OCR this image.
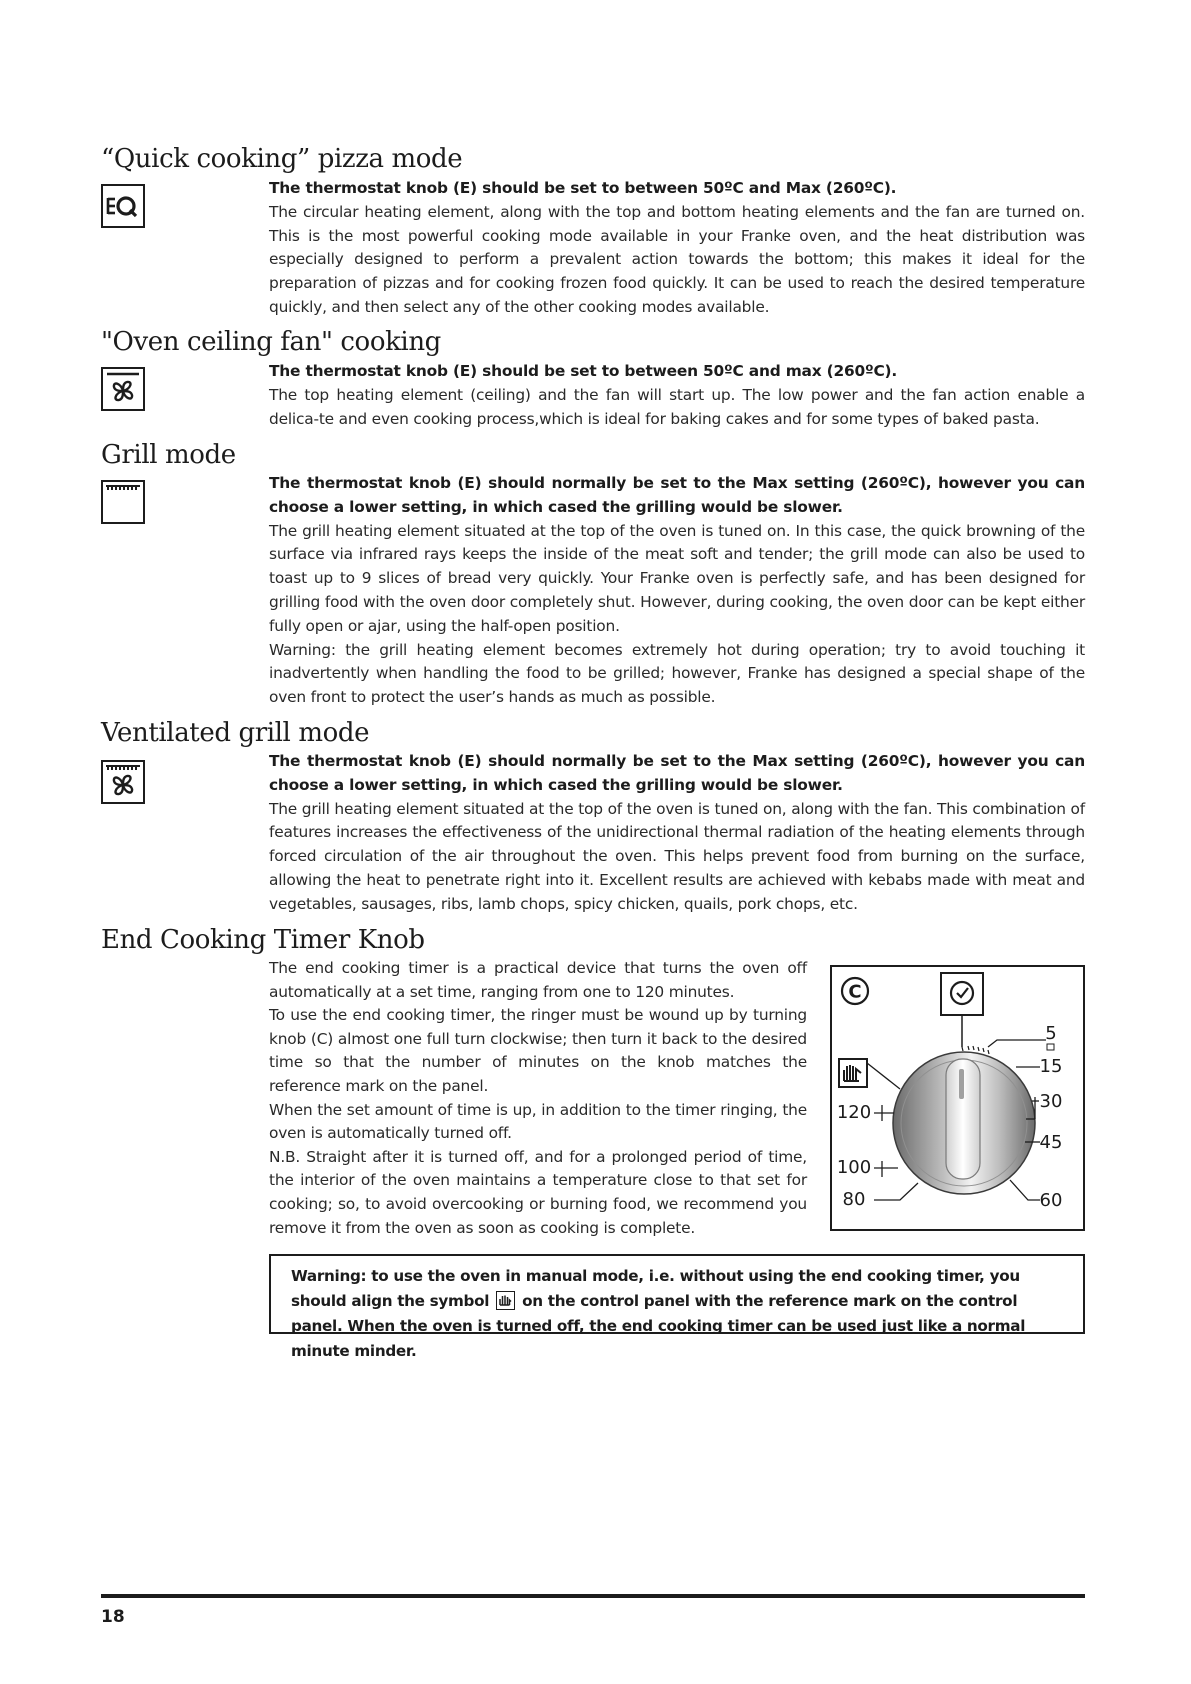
“Quick cooking” pizza mode

The thermostat knob (E) should be set to between 50ºC and Max (260ºC).

The circular heating element, along with the top and bottom heating elements and the fan are turned on. This is the most powerful cooking mode available in your Franke oven, and the heat distribution was especially designed to perform a prevalent action towards the bottom; this makes it ideal for the preparation of pizzas and for cooking frozen food quickly. It can be used to reach the desired temperature quickly, and then select any of the other cooking modes available.

"Oven ceiling fan" cooking

The thermostat knob (E) should be set to between 50ºC and max (260ºC).

The top heating element (ceiling) and the fan will start up. The low power and the fan action enable a delica-te and even cooking process,which is ideal for baking cakes and for some types of baked pasta.

Grill mode

The thermostat knob (E) should normally be set to the Max setting (260ºC), however you can choose a lower setting, in which cased the grilling would be slower.

The grill heating element situated at the top of the oven is tuned on. In this case, the quick browning of the surface via infrared rays keeps the inside of the meat soft and tender; the grill mode can also be used to toast up to 9 slices of bread very quickly. Your Franke oven is perfectly safe, and has been designed for grilling food with the oven door completely shut. However, during cooking, the oven door can be kept either fully open or ajar, using the half-open position.

Warning: the grill heating element becomes extremely hot during operation; try to avoid touching it inadvertently when handling the food to be grilled; however, Franke has designed a special shape of the oven front to protect the user’s hands as much as possible.

Ventilated grill mode

The thermostat knob (E) should normally be set to the Max setting (260ºC), however you can choose a lower setting, in which cased the grilling would be slower.

The grill heating element situated at the top of the oven is tuned on, along with the fan. This combination of features increases the effectiveness of the unidirectional thermal radiation of the heating elements through forced circulation of the air throughout the oven. This helps prevent food from burning on the surface, allowing the heat to penetrate right into it. Excellent results are achieved with kebabs made with meat and vegetables, sausages, ribs, lamb chops, spicy chicken, quails, pork chops, etc.

End Cooking Timer Knob

The end cooking timer is a practical device that turns the oven off automatically at a set time, ranging from one to 120 minutes.

To use the end cooking timer, the ringer must be wound up by turning knob (C) almost one full turn clockwise; then turn it back to the desired time so that the number of minutes on the knob matches the reference mark on the panel.

When the set amount of time is up, in addition to the timer ringing, the oven is automatically turned off.

N.B. Straight after it is turned off, and for a prolonged period of time, the interior of the oven maintains a temperature close to that set for cooking; so, to avoid overcooking or burning food, we recommend you remove it from the oven as soon as cooking is complete.

C
5
15
30
45
60
120
100
80
Warning: to use the oven in manual mode, i.e. without using the end cooking timer, you should align the symbol on the control panel with the reference mark on the control panel. When the oven is turned off, the end cooking timer can be used just like a normal minute minder.
18
